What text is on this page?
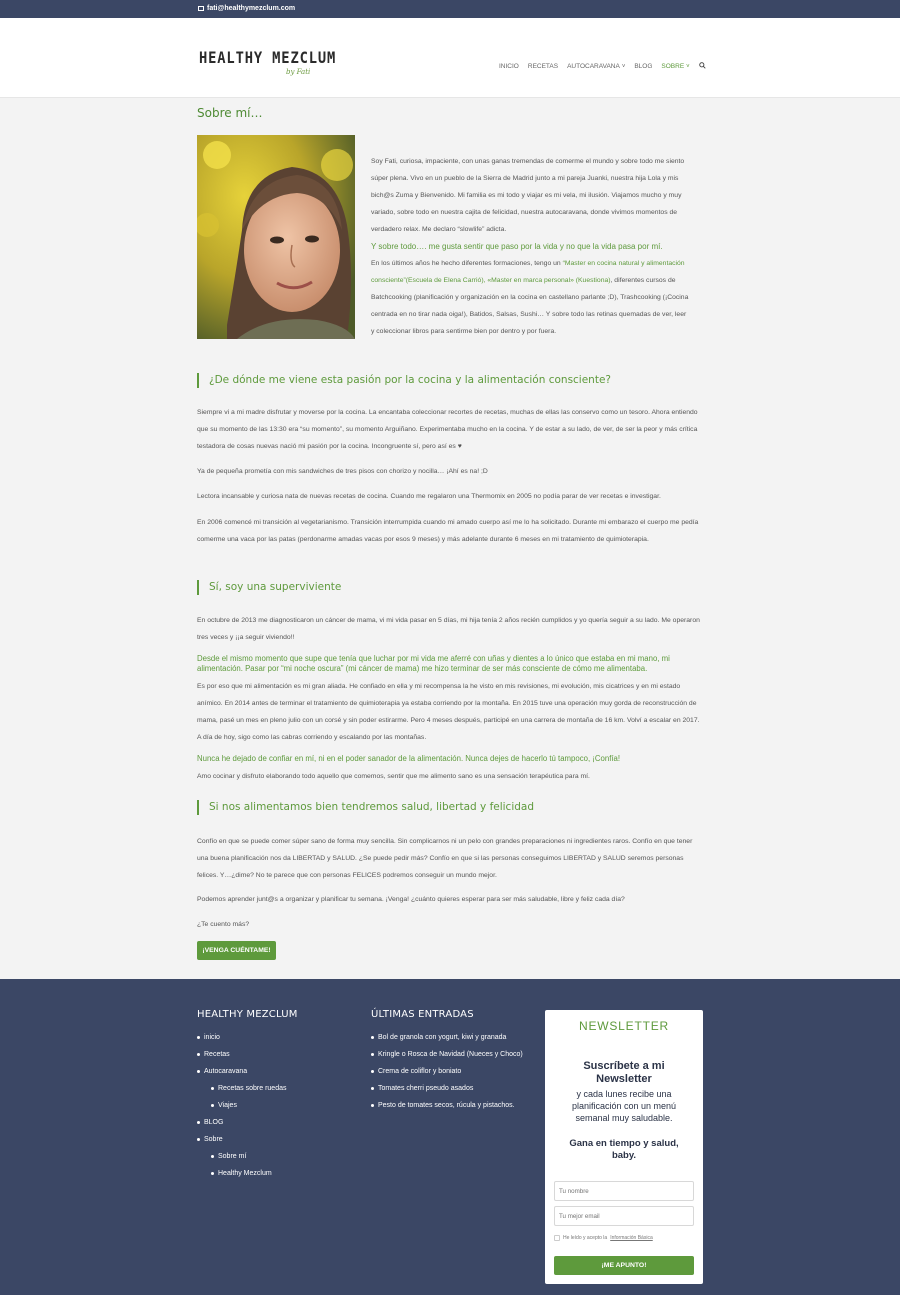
fati@healthymezclum.com
HEALTHY MEZCLUM
by Fati
INICIO RECETAS AUTOCARAVANA ˅ BLOG SOBRE ˅
Sobre mí…

Soy Fati, curiosa, impaciente, con unas ganas tremendas de comerme el mundo y sobre todo me siento súper plena. Vivo en un pueblo de la Sierra de Madrid junto a mi pareja Juanki, nuestra hija Lola y mis bich@s Zuma y Bienvenido. Mi familia es mi todo y viajar es mi vela, mi ilusión. Viajamos mucho y muy variado, sobre todo en nuestra cajita de felicidad, nuestra autocaravana, donde vivimos momentos de verdadero relax. Me declaro “slowlife” adicta.

Y sobre todo…. me gusta sentir que paso por la vida y no que la vida pasa por mí.

En los últimos años he hecho diferentes formaciones, tengo un “Master en cocina natural y alimentación consciente”(Escuela de Elena Carrió), «Master en marca personal» (Kuestiona), diferentes cursos de Batchcooking (planificación y organización en la cocina en castellano parlante ;D), Trashcooking (¡Cocina centrada en no tirar nada oiga!), Batidos, Salsas, Sushi… Y sobre todo las retinas quemadas de ver, leer y coleccionar libros para sentirme bien por dentro y por fuera.

¿De dónde me viene esta pasión por la cocina y la alimentación consciente?

Siempre vi a mi madre disfrutar y moverse por la cocina. La encantaba coleccionar recortes de recetas, muchas de ellas las conservo como un tesoro. Ahora entiendo que su momento de las 13:30 era “su momento”, su momento Arguiñano. Experimentaba mucho en la cocina. Y de estar a su lado, de ver, de ser la peor y más crítica testadora de cosas nuevas nació mi pasión por la cocina. Incongruente sí, pero así es ♥

Ya de pequeña prometía con mis sandwiches de tres pisos con chorizo y nocilla… ¡Ahí es na! ;D

Lectora incansable y curiosa nata de nuevas recetas de cocina. Cuando me regalaron una Thermomix en 2005 no podía parar de ver recetas e investigar.

En 2006 comencé mi transición al vegetarianismo. Transición interrumpida cuando mi amado cuerpo así me lo ha solicitado. Durante mi embarazo el cuerpo me pedía comerme una vaca por las patas (perdonarme amadas vacas por esos 9 meses) y más adelante durante 6 meses en mi tratamiento de quimioterapia.

Sí, soy una superviviente

En octubre de 2013 me diagnosticaron un cáncer de mama, vi mi vida pasar en 5 días, mi hija tenía 2 años recién cumplidos y yo quería seguir a su lado. Me operaron tres veces y ¡¡a seguir viviendo!!

Desde el mismo momento que supe que tenía que luchar por mi vida me aferré con uñas y dientes a lo único que estaba en mi mano, mi alimentación. Pasar por “mi noche oscura” (mi cáncer de mama) me hizo terminar de ser más consciente de cómo me alimentaba.

Es por eso que mi alimentación es mi gran aliada. He confiado en ella y mi recompensa la he visto en mis revisiones, mi evolución, mis cicatrices y en mi estado anímico. En 2014 antes de terminar el tratamiento de quimioterapia ya estaba corriendo por la montaña. En 2015 tuve una operación muy gorda de reconstrucción de mama, pasé un mes en pleno julio con un corsé y sin poder estirarme. Pero 4 meses después, participé en una carrera de montaña de 16 km. Volví a escalar en 2017. A día de hoy, sigo como las cabras corriendo y escalando por las montañas.

Nunca he dejado de confiar en mí, ni en el poder sanador de la alimentación. Nunca dejes de hacerlo tú tampoco, ¡Confía!

Amo cocinar y disfruto elaborando todo aquello que comemos, sentir que me alimento sano es una sensación terapéutica para mí.

Si nos alimentamos bien tendremos salud, libertad y felicidad

Confío en que se puede comer súper sano de forma muy sencilla. Sin complicarnos ni un pelo con grandes preparaciones ni ingredientes raros. Confío en que tener una buena planificación nos da LIBERTAD y SALUD. ¿Se puede pedir más? Confío en que si las personas conseguimos LIBERTAD y SALUD seremos personas felices. Y…¿dime? No te parece que con personas FELICES podremos conseguir un mundo mejor.

Podemos aprender junt@s a organizar y planificar tu semana. ¡Venga! ¿cuánto quieres esperar para ser más saludable, libre y feliz cada día?

¿Te cuento más?

¡VENGA CUÉNTAME!
HEALTHY MEZCLUM
inicio
Recetas
Autocaravana
Recetas sobre ruedas
Viajes
BLOG
Sobre
Sobre mí
Healthy Mezclum
ÚLTIMAS ENTRADAS
Bol de granola con yogurt, kiwi y granada
Kringle o Rosca de Navidad (Nueces y Choco)
Crema de coliflor y boniato
Tomates cherri pseudo asados
Pesto de tomates secos, rúcula y pistachos.
NEWSLETTER
Suscríbete a mi Newsletter
y cada lunes recibe una planificación con un menú semanal muy saludable.
Gana en tiempo y salud, baby.
Tu nombre
Tu mejor email
He leído y acepto la Información Básica
¡ME APUNTO!
